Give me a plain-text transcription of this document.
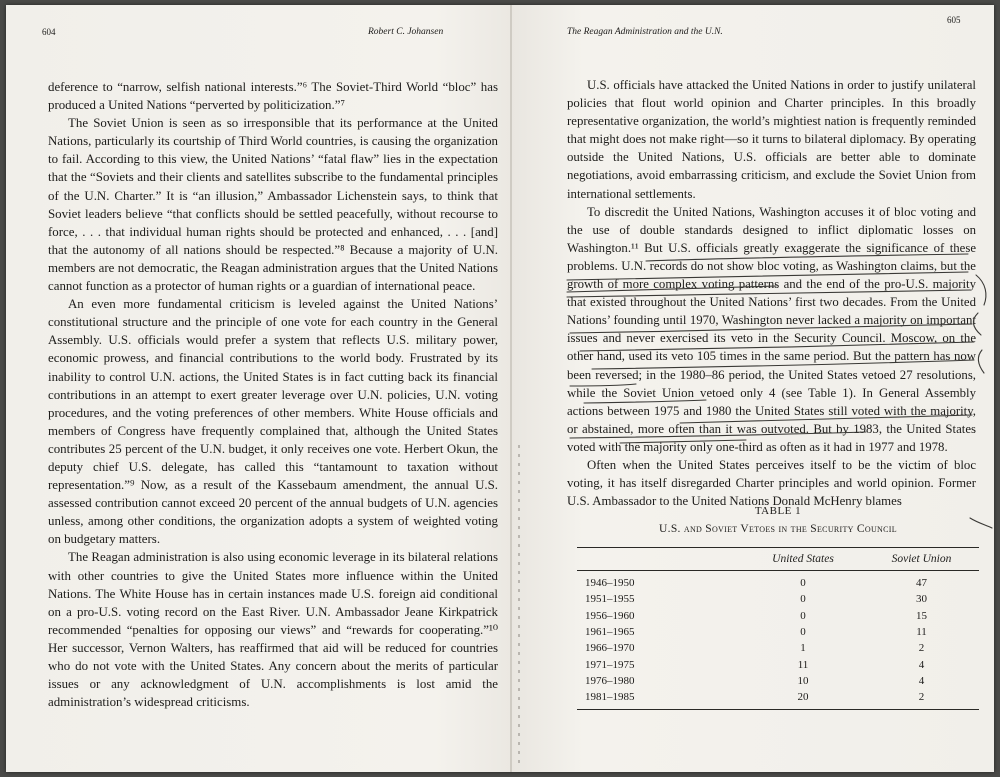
604	Robert C. Johansen

deference to “narrow, selfish national interests.”⁶ The Soviet-Third World “bloc” has produced a United Nations “perverted by politicization.”⁷

The Soviet Union is seen as so irresponsible that its performance at the United Nations, particularly its courtship of Third World countries, is causing the organization to fail. According to this view, the United Nations’ “fatal flaw” lies in the expectation that the “Soviets and their clients and satellites subscribe to the fundamental principles of the U.N. Charter.” It is “an illusion,” Ambassador Lichenstein says, to think that Soviet leaders believe “that conflicts should be settled peacefully, without recourse to force, . . . that individual human rights should be protected and enhanced, . . . [and] that the autonomy of all nations should be respected.”⁸ Because a majority of U.N. members are not democratic, the Reagan administration argues that the United Nations cannot function as a protector of human rights or a guardian of international peace.

An even more fundamental criticism is leveled against the United Nations’ constitutional structure and the principle of one vote for each country in the General Assembly. U.S. officials would prefer a system that reflects U.S. military power, economic prowess, and financial contributions to the world body. Frustrated by its inability to control U.N. actions, the United States is in fact cutting back its financial contributions in an attempt to exert greater leverage over U.N. policies, U.N. voting procedures, and the voting preferences of other members. White House officials and members of Congress have frequently complained that, although the United States contributes 25 percent of the U.N. budget, it only receives one vote. Herbert Okun, the deputy chief U.S. delegate, has called this “tantamount to taxation without representation.”⁹ Now, as a result of the Kassebaum amendment, the annual U.S. assessed contribution cannot exceed 20 percent of the annual budgets of U.N. agencies unless, among other conditions, the organization adopts a system of weighted voting on budgetary matters.

The Reagan administration is also using economic leverage in its bilateral relations with other countries to give the United States more influence within the United Nations. The White House has in certain instances made U.S. foreign aid conditional on a pro-U.S. voting record on the East River. U.N. Ambassador Jeane Kirkpatrick recommended “penalties for opposing our views” and “rewards for cooperating.”¹⁰ Her successor, Vernon Walters, has reaffirmed that aid will be reduced for countries who do not vote with the United States. Any concern about the merits of particular issues or any acknowledgment of U.N. accomplishments is lost amid the administration’s widespread criticisms.

The Reagan Administration and the U.N.
605

U.S. officials have attacked the United Nations in order to justify unilateral policies that flout world opinion and Charter principles. In this broadly representative organization, the world’s mightiest nation is frequently reminded that might does not make right—so it turns to bilateral diplomacy. By operating outside the United Nations, U.S. officials are better able to dominate negotiations, avoid embarrassing criticism, and exclude the Soviet Union from international settlements.

To discredit the United Nations, Washington accuses it of bloc voting and the use of double standards designed to inflict diplomatic losses on Washington.¹¹ But U.S. officials greatly exaggerate the significance of these problems. U.N. records do not show bloc voting, as Washington claims, but the growth of more complex voting patterns and the end of the pro-U.S. majority that existed throughout the United Nations’ first two decades. From the United Nations’ founding until 1970, Washington never lacked a majority on important issues and never exercised its veto in the Security Council. Moscow, on the other hand, used its veto 105 times in the same period. But the pattern has now been reversed; in the 1980–86 period, the United States vetoed 27 resolutions, while the Soviet Union vetoed only 4 (see Table 1). In General Assembly actions between 1975 and 1980 the United States still voted with the majority, or abstained, more often than it was outvoted. But by 1983, the United States voted with the majority only one-third as often as it had in 1977 and 1978.

Often when the United States perceives itself to be the victim of bloc voting, it has itself disregarded Charter principles and world opinion. Former U.S. Ambassador to the United Nations Donald McHenry blames

TABLE 1
U.S. and Soviet Vetoes in the Security Council
United States	Soviet Union
1946–1950	0	47
1951–1955	0	30
1956–1960	0	15
1961–1965	0	11
1966–1970	1	2
1971–1975	11	4
1976–1980	10	4
1981–1985	20	2
